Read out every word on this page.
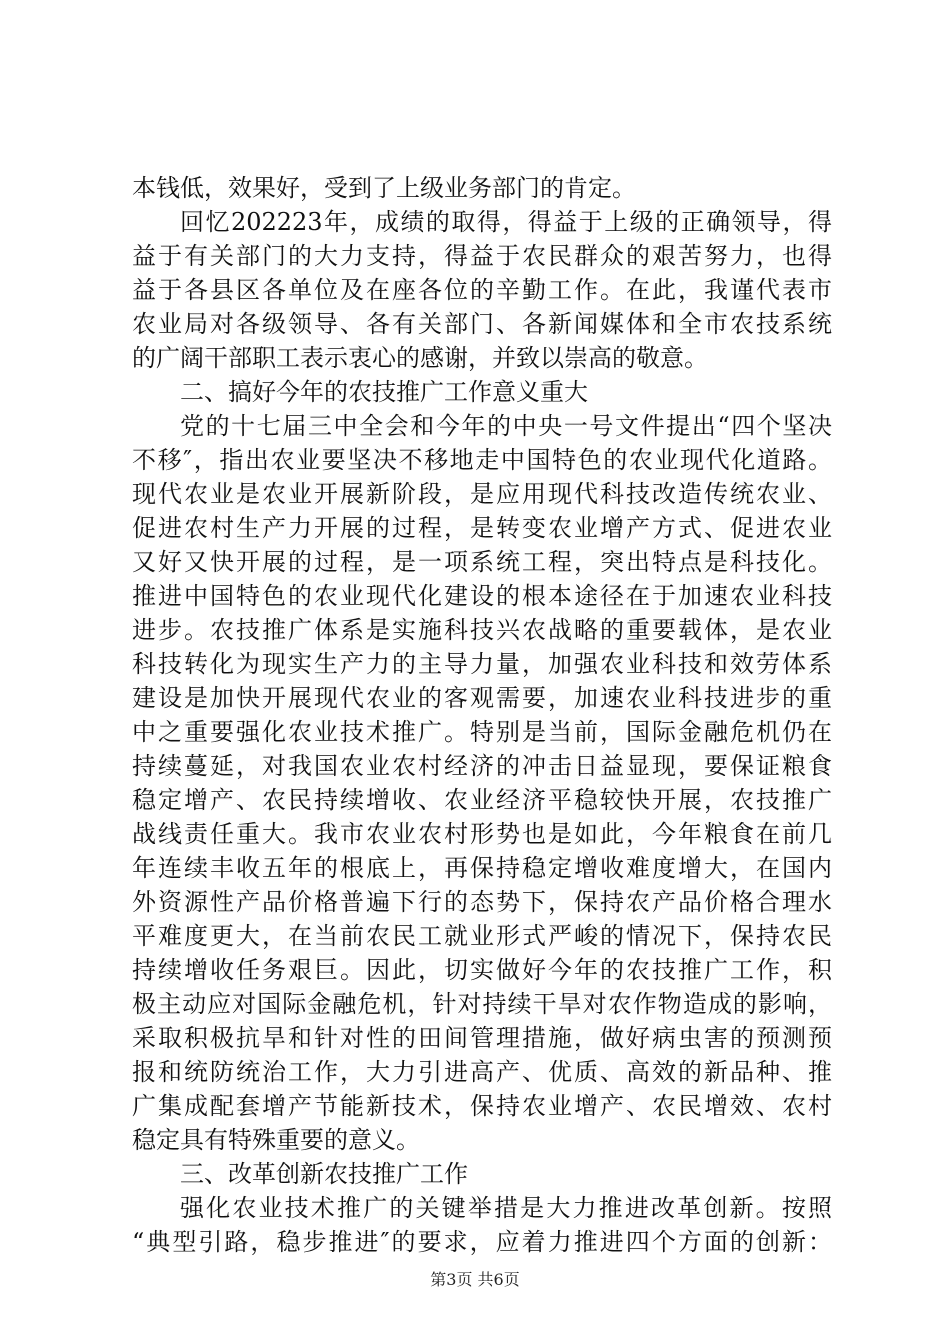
本钱低，效果好，受到了上级业务部门的肯定。
回忆202223年，成绩的取得，得益于上级的正确领导，得
益于有关部门的大力支持，得益于农民群众的艰苦努力，也得
益于各县区各单位及在座各位的辛勤工作。在此，我谨代表市
农业局对各级领导、各有关部门、各新闻媒体和全市农技系统
的广阔干部职工表示衷心的感谢，并致以崇高的敬意。
二、搞好今年的农技推广工作意义重大
党的十七届三中全会和今年的中央一号文件提出“四个坚决
不移″，指出农业要坚决不移地走中国特色的农业现代化道路。
现代农业是农业开展新阶段，是应用现代科技改造传统农业、
促进农村生产力开展的过程，是转变农业增产方式、促进农业
又好又快开展的过程，是一项系统工程，突出特点是科技化。
推进中国特色的农业现代化建设的根本途径在于加速农业科技
进步。农技推广体系是实施科技兴农战略的重要载体，是农业
科技转化为现实生产力的主导力量，加强农业科技和效劳体系
建设是加快开展现代农业的客观需要，加速农业科技进步的重
中之重要强化农业技术推广。特别是当前，国际金融危机仍在
持续蔓延，对我国农业农村经济的冲击日益显现，要保证粮食
稳定增产、农民持续增收、农业经济平稳较快开展，农技推广
战线责任重大。我市农业农村形势也是如此，今年粮食在前几
年连续丰收五年的根底上，再保持稳定增收难度增大，在国内
外资源性产品价格普遍下行的态势下，保持农产品价格合理水
平难度更大，在当前农民工就业形式严峻的情况下，保持农民
持续增收任务艰巨。因此，切实做好今年的农技推广工作，积
极主动应对国际金融危机，针对持续干旱对农作物造成的影响，
采取积极抗旱和针对性的田间管理措施，做好病虫害的预测预
报和统防统治工作，大力引进高产、优质、高效的新品种、推
广集成配套增产节能新技术，保持农业增产、农民增效、农村
稳定具有特殊重要的意义。
三、改革创新农技推广工作
强化农业技术推广的关键举措是大力推进改革创新。按照
“典型引路，稳步推进″的要求，应着力推进四个方面的创新：
第3页 共6页
